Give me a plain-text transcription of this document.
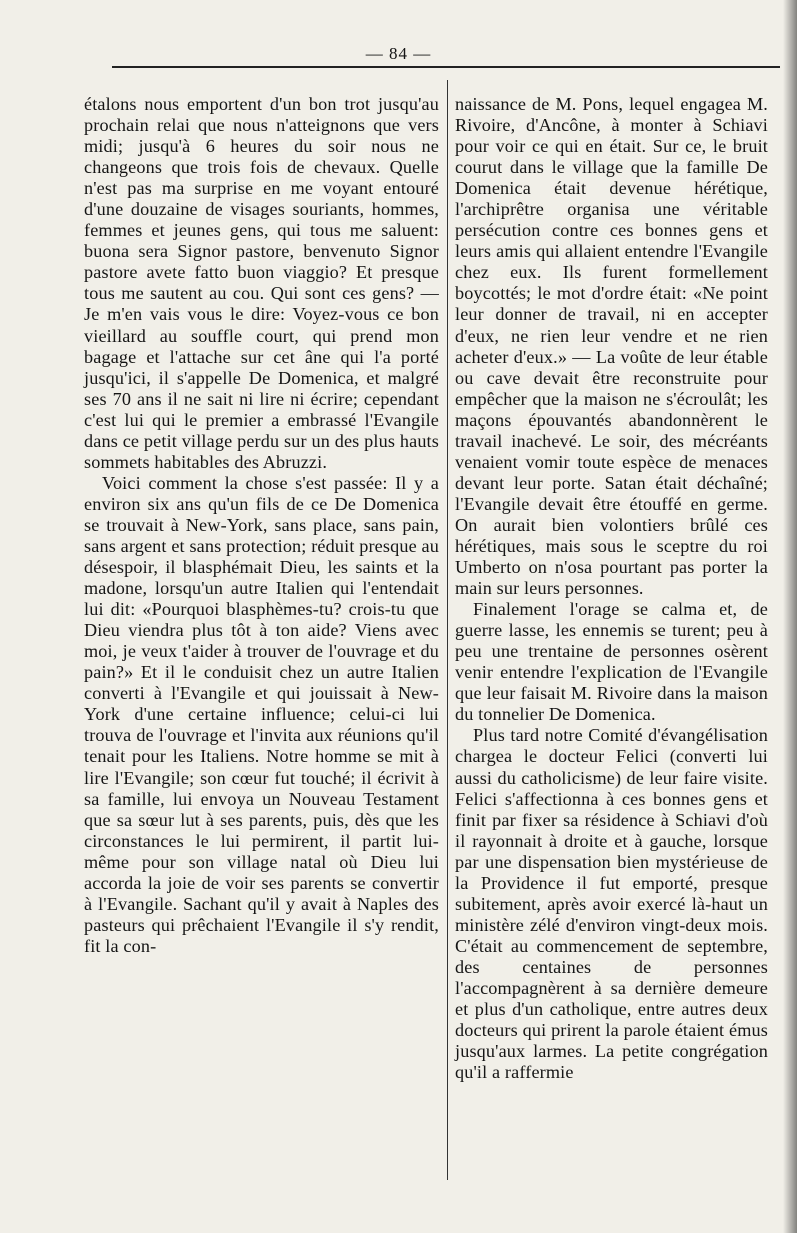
— 84 —

étalons nous emportent d'un bon trot jusqu'au prochain relai que nous n'atteignons que vers midi; jusqu'à 6 heures du soir nous ne changeons que trois fois de chevaux. Quelle n'est pas ma surprise en me voyant entouré d'une douzaine de visages souriants, hommes, femmes et jeunes gens, qui tous me saluent: buona sera Signor pastore, benvenuto Signor pastore avete fatto buon viaggio? Et presque tous me sautent au cou. Qui sont ces gens? — Je m'en vais vous le dire: Voyez-vous ce bon vieillard au souffle court, qui prend mon bagage et l'attache sur cet âne qui l'a porté jusqu'ici, il s'appelle De Domenica, et malgré ses 70 ans il ne sait ni lire ni écrire; cependant c'est lui qui le premier a embrassé l'Evangile dans ce petit village perdu sur un des plus hauts sommets habitables des Abruzzi.

Voici comment la chose s'est passée: Il y a environ six ans qu'un fils de ce De Domenica se trouvait à New-York, sans place, sans pain, sans argent et sans protection; réduit presque au désespoir, il blasphémait Dieu, les saints et la madone, lorsqu'un autre Italien qui l'entendait lui dit: «Pourquoi blasphèmes-tu? crois-tu que Dieu viendra plus tôt à ton aide? Viens avec moi, je veux t'aider à trouver de l'ouvrage et du pain?» Et il le conduisit chez un autre Italien converti à l'Evangile et qui jouissait à New-York d'une certaine influence; celui-ci lui trouva de l'ouvrage et l'invita aux réunions qu'il tenait pour les Italiens. Notre homme se mit à lire l'Evangile; son cœur fut touché; il écrivit à sa famille, lui envoya un Nouveau Testament que sa sœur lut à ses parents, puis, dès que les circonstances le lui permirent, il partit lui-même pour son village natal où Dieu lui accorda la joie de voir ses parents se convertir à l'Evangile. Sachant qu'il y avait à Naples des pasteurs qui prêchaient l'Evangile il s'y rendit, fit la con-

naissance de M. Pons, lequel engagea M. Rivoire, d'Ancône, à monter à Schiavi pour voir ce qui en était. Sur ce, le bruit courut dans le village que la famille De Domenica était devenue hérétique, l'archiprêtre organisa une véritable persécution contre ces bonnes gens et leurs amis qui allaient entendre l'Evangile chez eux. Ils furent formellement boycottés; le mot d'ordre était: «Ne point leur donner de travail, ni en accepter d'eux, ne rien leur vendre et ne rien acheter d'eux.» — La voûte de leur étable ou cave devait être reconstruite pour empêcher que la maison ne s'écroulât; les maçons épouvantés abandonnèrent le travail inachevé. Le soir, des mécréants venaient vomir toute espèce de menaces devant leur porte. Satan était déchaîné; l'Evangile devait être étouffé en germe. On aurait bien volontiers brûlé ces hérétiques, mais sous le sceptre du roi Umberto on n'osa pourtant pas porter la main sur leurs personnes.

Finalement l'orage se calma et, de guerre lasse, les ennemis se turent; peu à peu une trentaine de personnes osèrent venir entendre l'explication de l'Evangile que leur faisait M. Rivoire dans la maison du tonnelier De Domenica.

Plus tard notre Comité d'évangélisation chargea le docteur Felici (converti lui aussi du catholicisme) de leur faire visite. Felici s'affectionna à ces bonnes gens et finit par fixer sa résidence à Schiavi d'où il rayonnait à droite et à gauche, lorsque par une dispensation bien mystérieuse de la Providence il fut emporté, presque subitement, après avoir exercé là-haut un ministère zélé d'environ vingt-deux mois. C'était au commencement de septembre, des centaines de personnes l'accompagnèrent à sa dernière demeure et plus d'un catholique, entre autres deux docteurs qui prirent la parole étaient émus jusqu'aux larmes. La petite congrégation qu'il a raffermie
